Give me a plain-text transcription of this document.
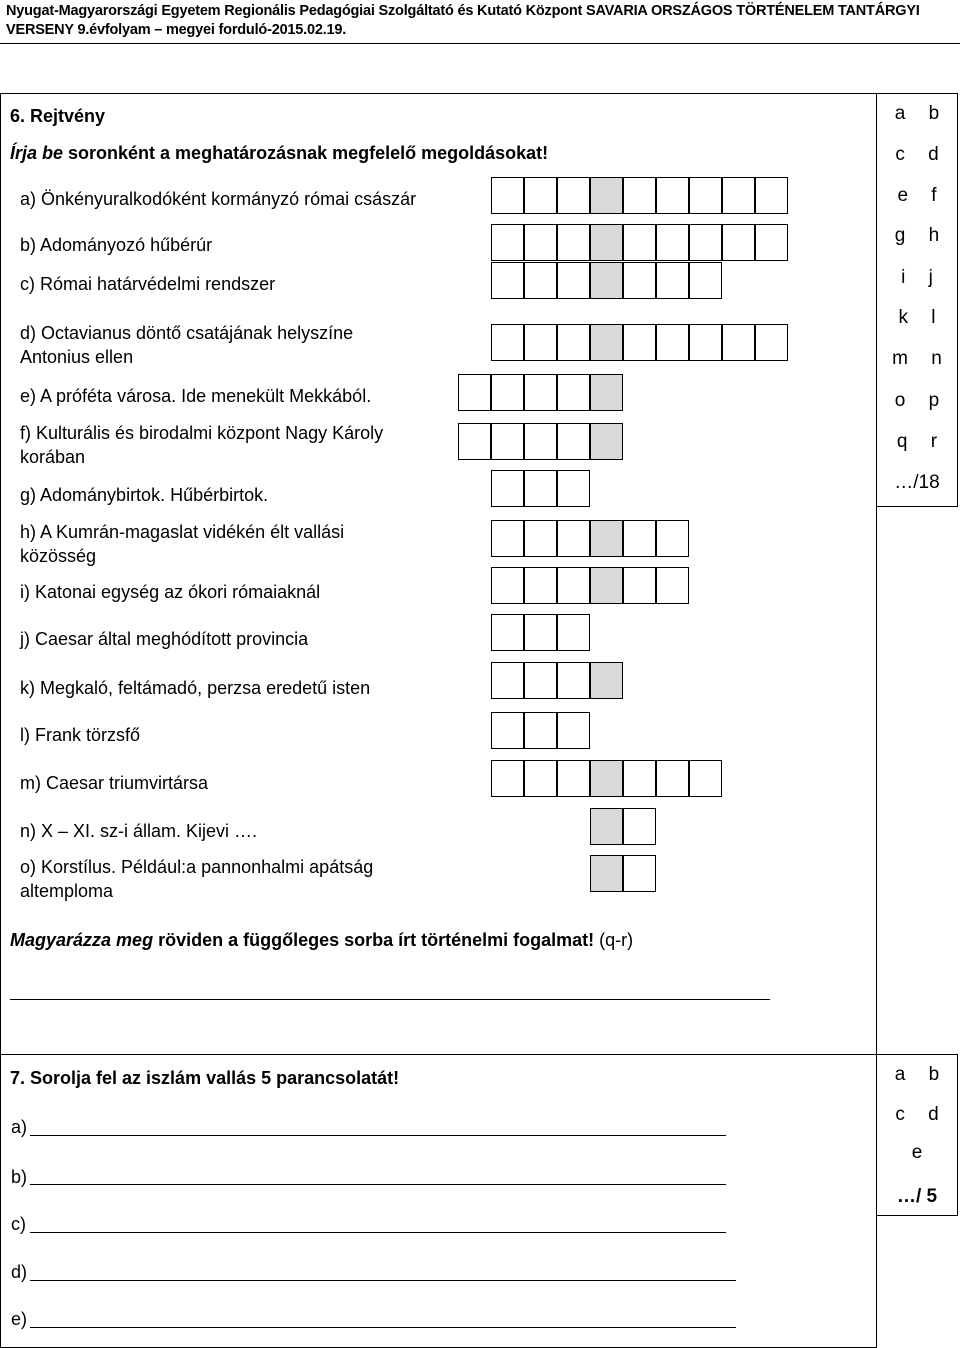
Nyugat-Magyarországi Egyetem Regionális Pedagógiai Szolgáltató és Kutató Központ SAVARIA ORSZÁGOS TÖRTÉNELEM TANTÁRGYI
VERSENY 9.évfolyam – megyei forduló-2015.02.19.
6. Rejtvény
Írja be soronként a meghatározásnak megfelelő megoldásokat!
a) Önkényuralkodóként kormányzó római császár
b) Adományozó hűbérúr
c) Római határvédelmi rendszer
d) Octavianus döntő csatájának helyszíne Antonius ellen
e) A próféta városa. Ide menekült Mekkából.
f) Kulturális és birodalmi központ Nagy Károly korában
g) Adománybirtok. Hűbérbirtok.
h) A Kumrán-magaslat vidékén élt vallási közösség
i) Katonai egység az ókori rómaiaknál
j) Caesar által meghódított provincia
k) Megkaló, feltámadó, perzsa eredetű isten
l) Frank törzsfő
m) Caesar triumvirtársa
n) X – XI. sz-i állam. Kijevi ….
o) Korstílus. Például:a pannonhalmi apátság altemploma
Magyarázza meg röviden a függőleges sorba írt történelmi fogalmat! (q-r)
a b
c d
e f
g h
i j
k l
m n
o p
q r
…/18
7. Sorolja fel az iszlám vallás 5 parancsolatát!
a)
b)
c)
d)
e)
a b
c d
e
…/ 5
